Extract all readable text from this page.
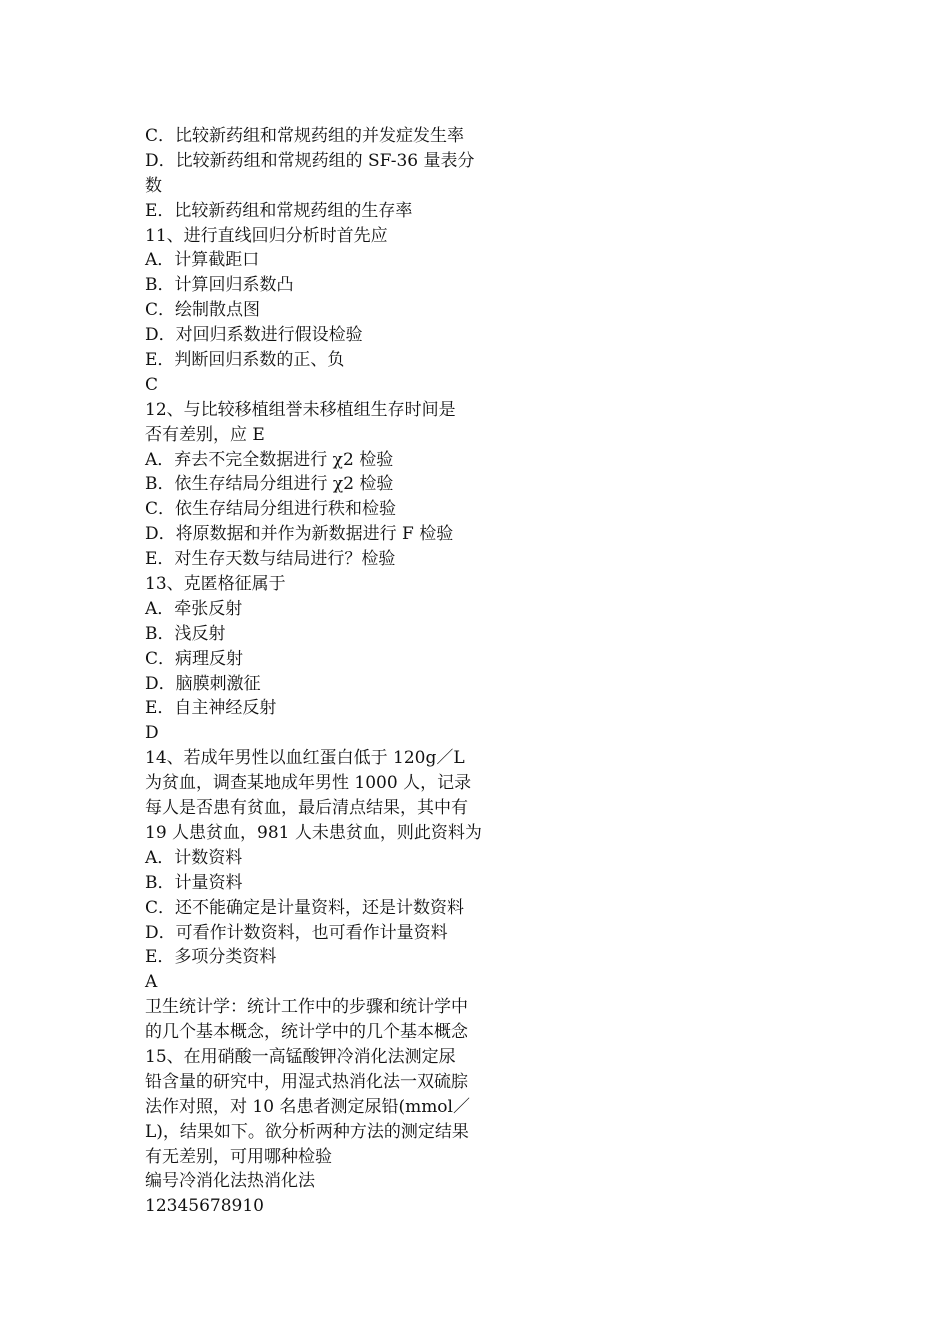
C．比较新药组和常规药组的并发症发生率
D．比较新药组和常规药组的 SF-36 量表分
数
E．比较新药组和常规药组的生存率
11、进行直线回归分析时首先应
A．计算截距口
B．计算回归系数凸
C．绘制散点图
D．对回归系数进行假设检验
E．判断回归系数的正、负
C
12、与比较移植组誉未移植组生存时间是
否有差别，应 E
A．弃去不完全数据进行 χ2 检验
B．依生存结局分组进行 χ2 检验
C．依生存结局分组进行秩和检验
D．将原数据和并作为新数据进行 F 检验
E．对生存天数与结局进行？检验
13、克匿格征属于
A．牵张反射
B．浅反射
C．病理反射
D．脑膜刺激征
E．自主神经反射
D
14、若成年男性以血红蛋白低于 120g／L
为贫血，调查某地成年男性 1000 人，记录
每人是否患有贫血，最后清点结果，其中有
19 人患贫血，981 人未患贫血，则此资料为
A．计数资料
B．计量资料
C．还不能确定是计量资料，还是计数资料
D．可看作计数资料，也可看作计量资料
E．多项分类资料
A
卫生统计学：统计工作中的步骤和统计学中
的几个基本概念，统计学中的几个基本概念
15、在用硝酸一高锰酸钾冷消化法测定尿
铅含量的研究中，用湿式热消化法一双硫腙
法作对照，对 10 名患者测定尿铅(mmol／
L)，结果如下。欲分析两种方法的测定结果
有无差别，可用哪种检验
编号冷消化法热消化法
12345678910
